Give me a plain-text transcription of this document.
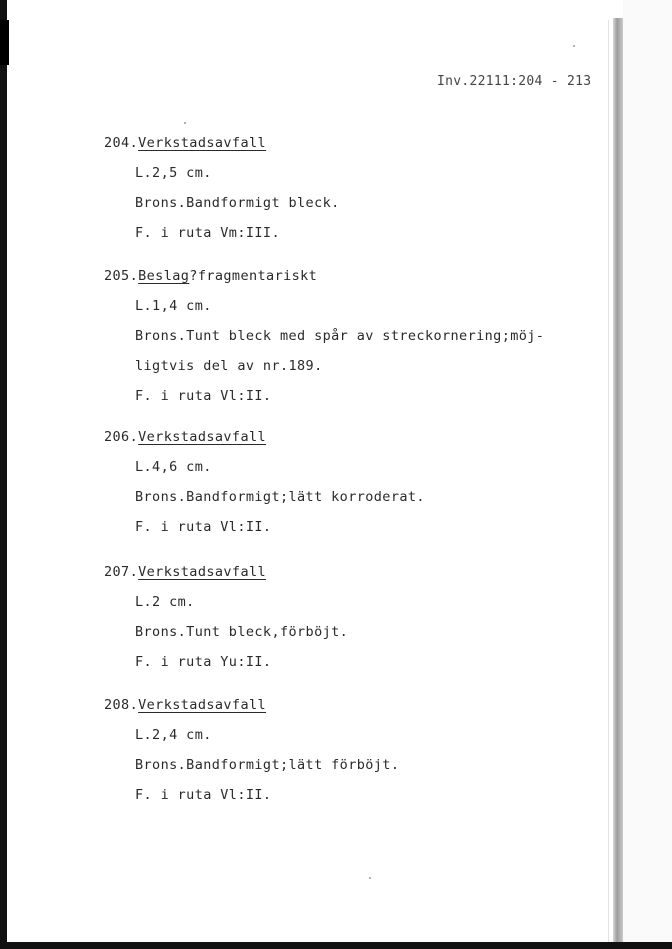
Inv.22111:204 - 213
204.Verkstadsavfall
L.2,5 cm.
Brons.Bandformigt bleck.
F. i ruta Vm:III.
205.Beslag?fragmentariskt
L.1,4 cm.
Brons.Tunt bleck med spår av streckornering;möj-
ligtvis del av nr.189.
F. i ruta Vl:II.
206.Verkstadsavfall
L.4,6 cm.
Brons.Bandformigt;lätt korroderat.
F. i ruta Vl:II.
207.Verkstadsavfall
L.2 cm.
Brons.Tunt bleck,förböjt.
F. i ruta Yu:II.
208.Verkstadsavfall
L.2,4 cm.
Brons.Bandformigt;lätt förböjt.
F. i ruta Vl:II.
